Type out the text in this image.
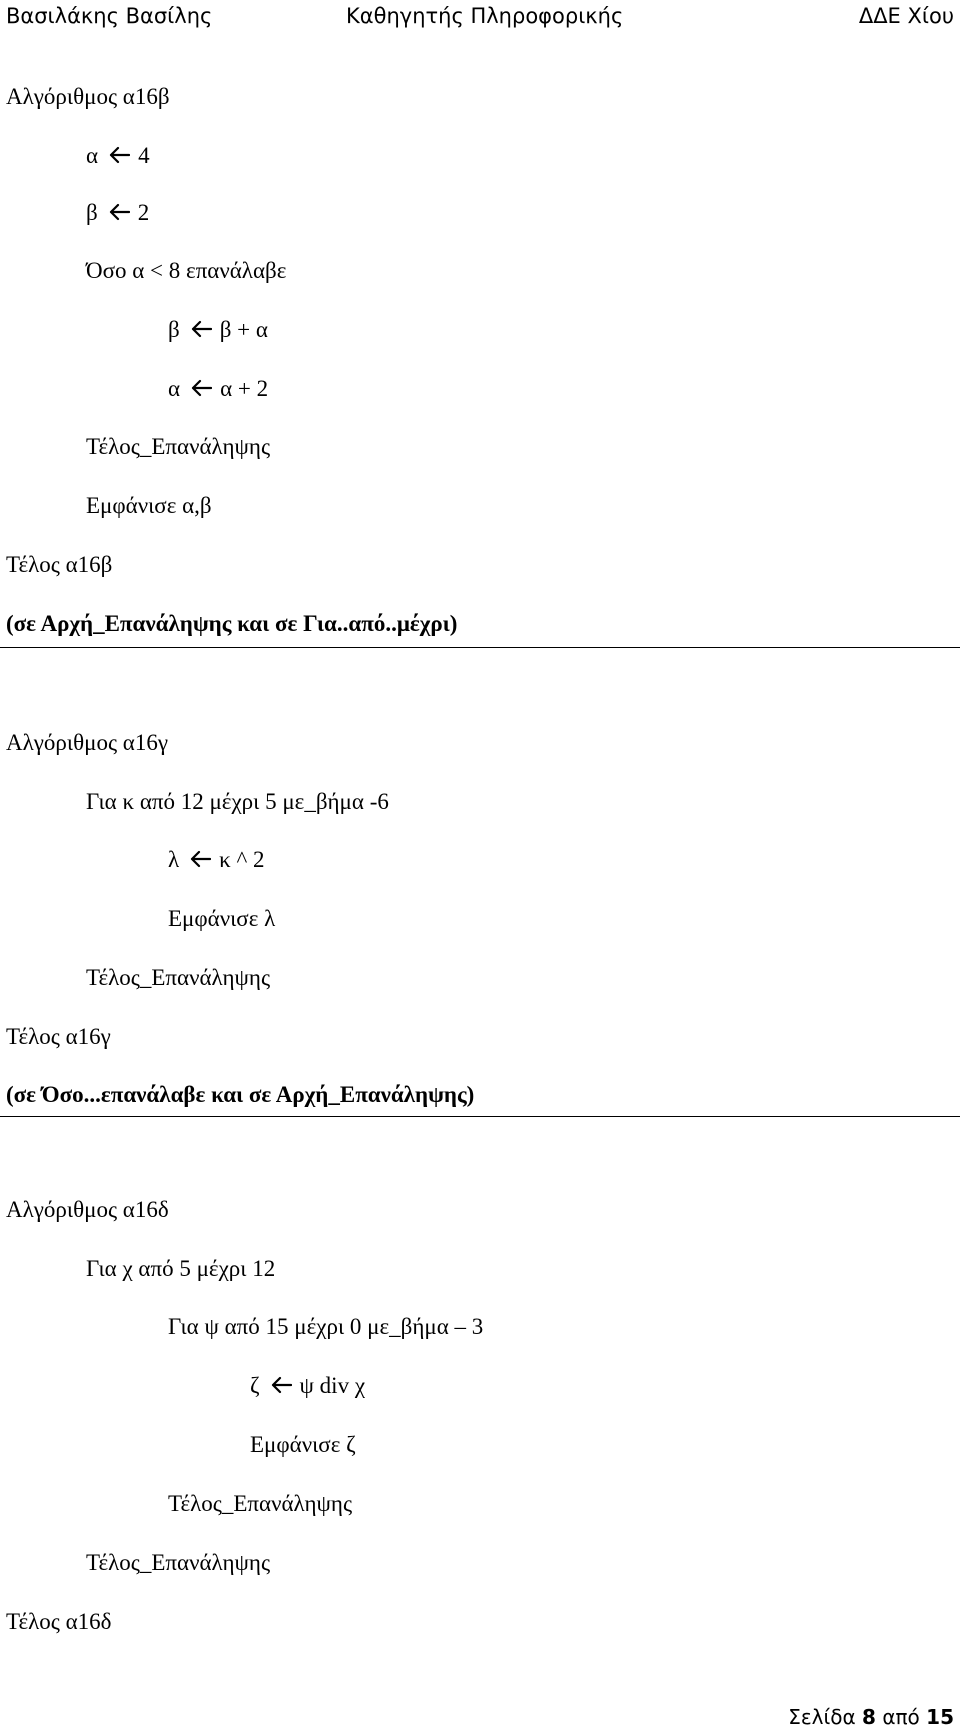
Βασιλάκης Βασίλης	Καθηγητής Πληροφορικής	ΔΔΕ Χίου
Αλγόριθμος α16β
α 4
β 2
Όσο α < 8 επανάλαβε
β β + α
α α + 2
Τέλος_Επανάληψης
Εμφάνισε α,β
Τέλος α16β
(σε Αρχή_Επανάληψης και σε Για..από..μέχρι)
Αλγόριθμος α16γ
Για κ από 12 μέχρι 5 με_βήμα -6
λ κ ^ 2
Εμφάνισε λ
Τέλος_Επανάληψης
Τέλος α16γ
(σε Όσο...επανάλαβε και σε Αρχή_Επανάληψης)
Αλγόριθμος α16δ
Για χ από 5 μέχρι 12
Για ψ από 15 μέχρι 0 με_βήμα – 3
ζ ψ div χ
Εμφάνισε ζ
Τέλος_Επανάληψης
Τέλος_Επανάληψης
Τέλος α16δ
Σελίδα 8 από 15
